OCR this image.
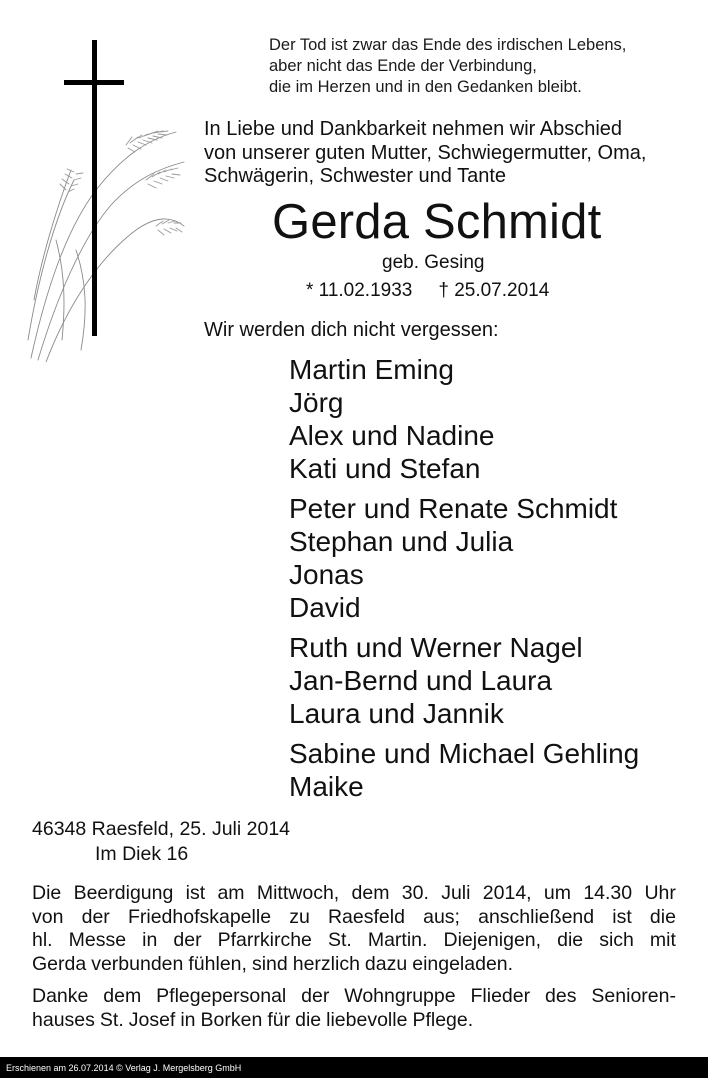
Der Tod ist zwar das Ende des irdischen Lebens,
aber nicht das Ende der Verbindung,
die im Herzen und in den Gedanken bleibt.
In Liebe und Dankbarkeit nehmen wir Abschied
von unserer guten Mutter, Schwiegermutter, Oma,
Schwägerin, Schwester und Tante
Gerda Schmidt
geb. Gesing
* 11.02.1933 † 25.07.2014
Wir werden dich nicht vergessen:
Martin Eming
Jörg
Alex und Nadine
Kati und Stefan
Peter und Renate Schmidt
Stephan und Julia
Jonas
David
Ruth und Werner Nagel
Jan-Bernd und Laura
Laura und Jannik
Sabine und Michael Gehling
Maike
46348 Raesfeld, 25. Juli 2014
Im Diek 16
Die Beerdigung ist am Mittwoch, dem 30. Juli 2014, um 14.30 Uhr
von der Friedhofskapelle zu Raesfeld aus; anschließend ist die
hl. Messe in der Pfarrkirche St. Martin. Diejenigen, die sich mit
Gerda verbunden fühlen, sind herzlich dazu eingeladen.
Danke dem Pflegepersonal der Wohngruppe Flieder des Senioren-
hauses St. Josef in Borken für die liebevolle Pflege.
Erschienen am 26.07.2014 © Verlag J. Mergelsberg GmbH
